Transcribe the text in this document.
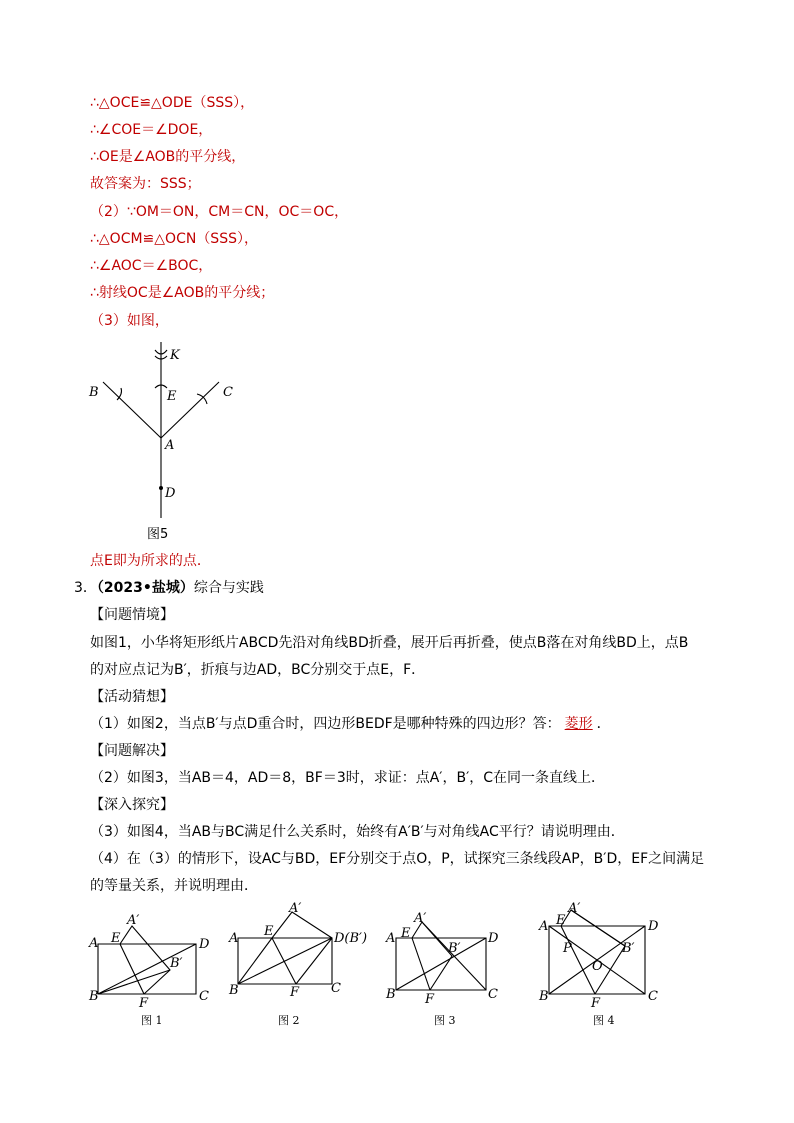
∴△OCE≌△ODE（SSS），
∴∠COE＝∠DOE，
∴OE是∠AOB的平分线，
故答案为：SSS；
（2）∵OM＝ON，CM＝CN，OC＝OC，
∴△OCM≌△OCN（SSS），
∴∠AOC＝∠BOC，
∴射线OC是∠AOB的平分线；
（3）如图，
K
B	E	C
A
D
图5
点E即为所求的点．
3．（2023•盐城）综合与实践
【问题情境】
如图1，小华将矩形纸片ABCD先沿对角线BD折叠，展开后再折叠，使点B落在对角线BD上，点B
的对应点记为B′，折痕与边AD，BC分别交于点E，F．
【活动猜想】
（1）如图2，当点B′与点D重合时，四边形BEDF是哪种特殊的四边形？答： 菱形 ．
【问题解决】
（2）如图3，当AB＝4，AD＝8，BF＝3时，求证：点A′，B′，C在同一条直线上．
【深入探究】
（3）如图4，当AB与BC满足什么关系时，始终有A′B′与对角线AC平行？请说明理由．
（4）在（3）的情形下，设AC与BD，EF分别交于点O，P，试探究三条线段AP，B′D，EF之间满足
的等量关系，并说明理由．
A
A′
E	D
B′
B	F	C
图 1
A
A′
E	D(B′)
B	F C
图 2
A
A′
E	D
B′
B F	C
图 3
A
A′
E	D
P	B′
O
B	F	C
图 4
